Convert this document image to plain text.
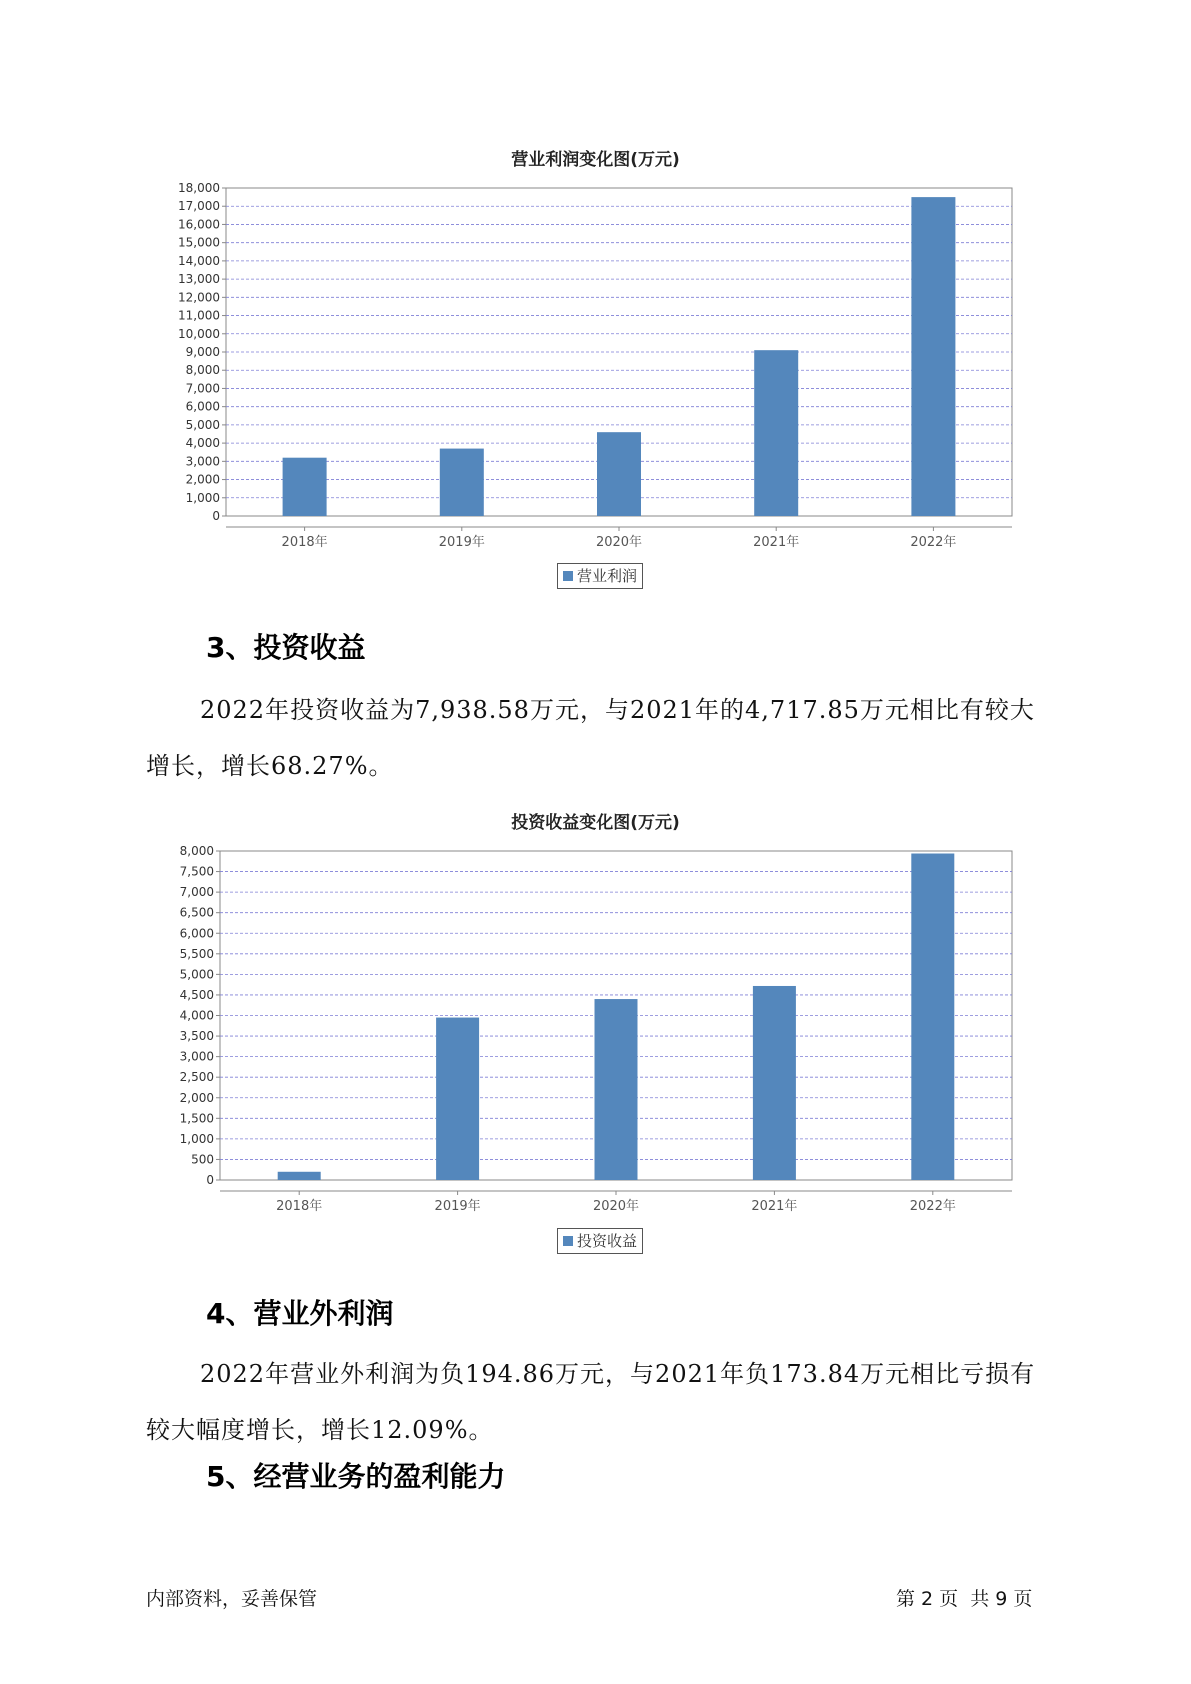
营业利润变化图(万元)
0
1,000
2,000
3,000
4,000
5,000
6,000
7,000
8,000
9,000
10,000
11,000
12,000
13,000
14,000
15,000
16,000
17,000
18,000
2018年	2019年	2020年	2021年	2022年
营业利润
3、投资收益
2022年投资收益为7,938.58万元，与2021年的4,717.85万元相比有较大增长，增长68.27%。
投资收益变化图(万元)
0
500
1,000
1,500
2,000
2,500
3,000
3,500
4,000
4,500
5,000
5,500
6,000
6,500
7,000
7,500
8,000
2018年	2019年	2020年	2021年	2022年
投资收益
4、营业外利润
2022年营业外利润为负194.86万元，与2021年负173.84万元相比亏损有较大幅度增长，增长12.09%。
5、经营业务的盈利能力
内部资料，妥善保管	第 2 页  共 9 页
